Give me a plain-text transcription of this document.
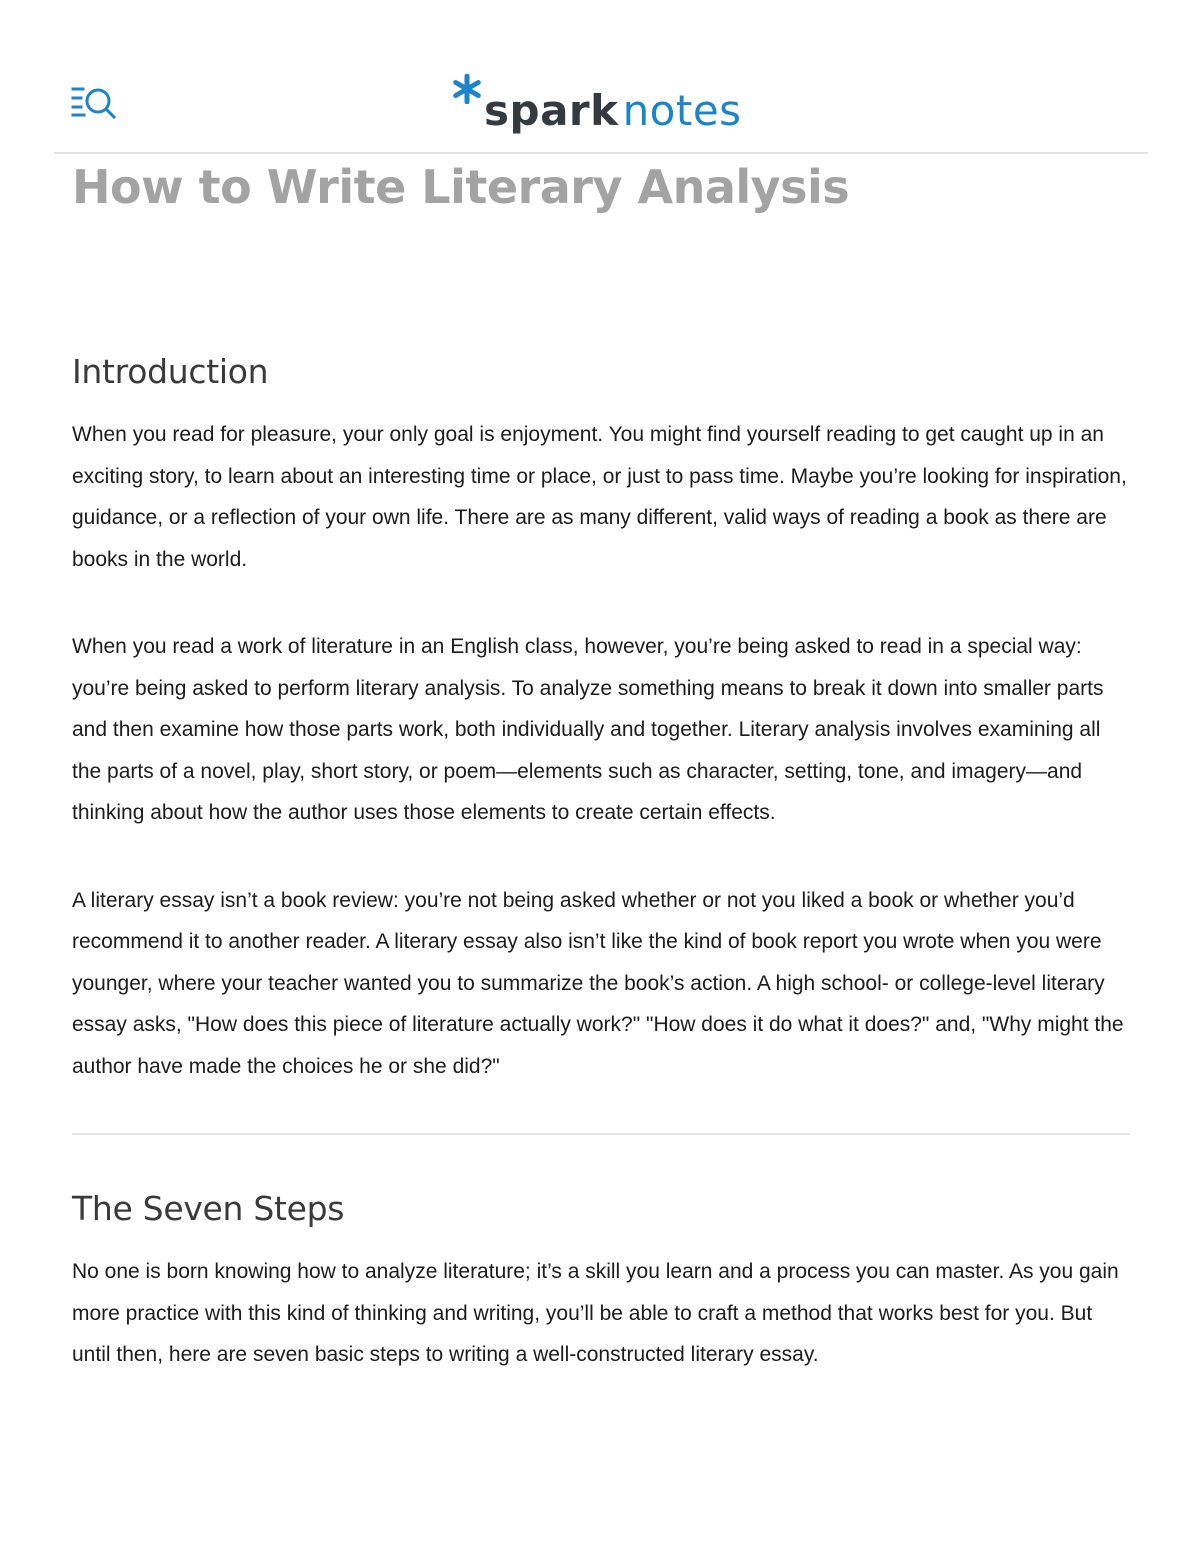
sparknotes
How to Write Literary Analysis
Introduction

When you read for pleasure, your only goal is enjoyment. You might find yourself reading to get caught up in an exciting story, to learn about an interesting time or place, or just to pass time. Maybe you’re looking for inspiration, guidance, or a reflection of your own life. There are as many different, valid ways of reading a book as there are books in the world.

When you read a work of literature in an English class, however, you’re being asked to read in a special way: you’re being asked to perform literary analysis. To analyze something means to break it down into smaller parts and then examine how those parts work, both individually and together. Literary analysis involves examining all the parts of a novel, play, short story, or poem—elements such as character, setting, tone, and imagery—and thinking about how the author uses those elements to create certain effects.

A literary essay isn’t a book review: you’re not being asked whether or not you liked a book or whether you’d recommend it to another reader. A literary essay also isn’t like the kind of book report you wrote when you were younger, where your teacher wanted you to summarize the book’s action. A high school- or college-level literary essay asks, "How does this piece of literature actually work?" "How does it do what it does?" and, "Why might the author have made the choices he or she did?"

The Seven Steps

No one is born knowing how to analyze literature; it’s a skill you learn and a process you can master. As you gain more practice with this kind of thinking and writing, you’ll be able to craft a method that works best for you. But until then, here are seven basic steps to writing a well-constructed literary essay.
